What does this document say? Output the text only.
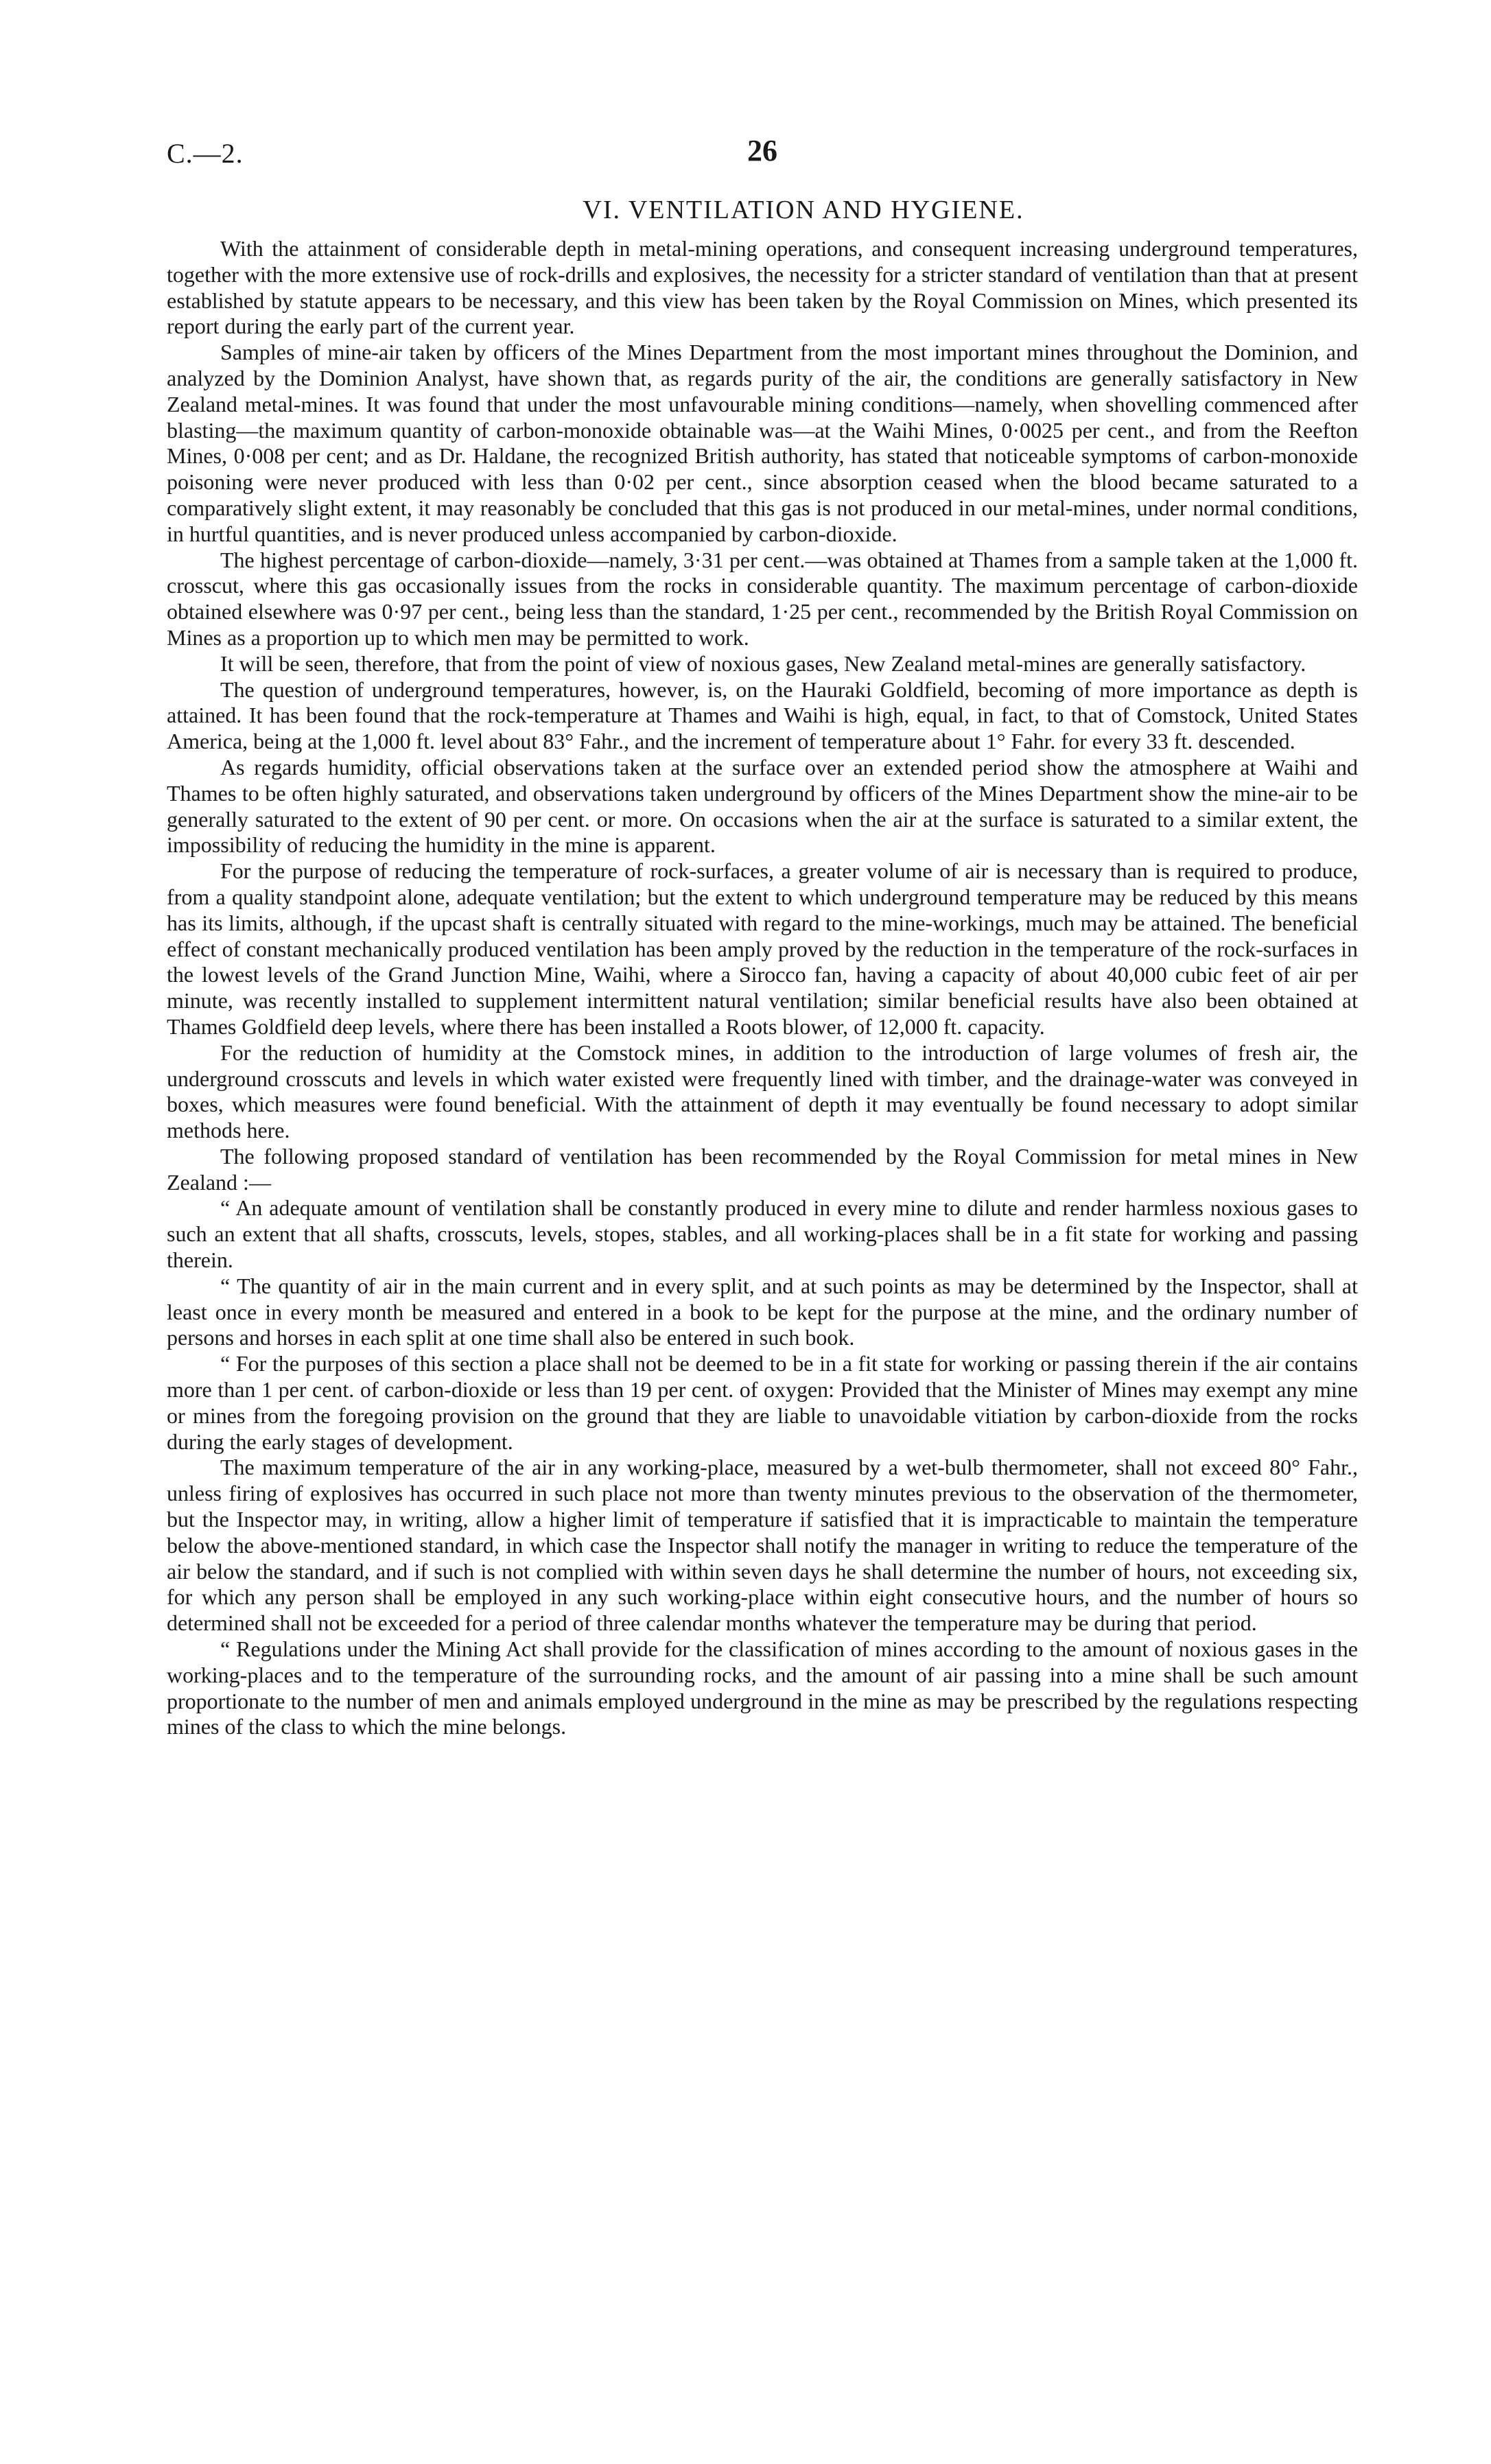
C.—2.	26
VI. VENTILATION AND HYGIENE.

With the attainment of considerable depth in metal-mining operations, and consequent increasing underground temperatures, together with the more extensive use of rock-drills and explosives, the necessity for a stricter standard of ventilation than that at present established by statute appears to be necessary, and this view has been taken by the Royal Commission on Mines, which presented its report during the early part of the current year.

Samples of mine-air taken by officers of the Mines Department from the most important mines throughout the Dominion, and analyzed by the Dominion Analyst, have shown that, as regards purity of the air, the conditions are generally satisfactory in New Zealand metal-mines. It was found that under the most unfavourable mining conditions—namely, when shovelling commenced after blasting—the maximum quantity of carbon-monoxide obtainable was—at the Waihi Mines, 0·0025 per cent., and from the Reefton Mines, 0·008 per cent; and as Dr. Haldane, the recognized British authority, has stated that noticeable symptoms of carbon-monoxide poisoning were never produced with less than 0·02 per cent., since absorption ceased when the blood became saturated to a comparatively slight extent, it may reasonably be concluded that this gas is not produced in our metal-mines, under normal conditions, in hurtful quantities, and is never produced unless accompanied by carbon-dioxide.

The highest percentage of carbon-dioxide—namely, 3·31 per cent.—was obtained at Thames from a sample taken at the 1,000 ft. crosscut, where this gas occasionally issues from the rocks in considerable quantity. The maximum percentage of carbon-dioxide obtained elsewhere was 0·97 per cent., being less than the standard, 1·25 per cent., recommended by the British Royal Commission on Mines as a proportion up to which men may be permitted to work.

It will be seen, therefore, that from the point of view of noxious gases, New Zealand metal-mines are generally satisfactory.

The question of underground temperatures, however, is, on the Hauraki Goldfield, becoming of more importance as depth is attained. It has been found that the rock-temperature at Thames and Waihi is high, equal, in fact, to that of Comstock, United States America, being at the 1,000 ft. level about 83° Fahr., and the increment of temperature about 1° Fahr. for every 33 ft. descended.

As regards humidity, official observations taken at the surface over an extended period show the atmosphere at Waihi and Thames to be often highly saturated, and observations taken underground by officers of the Mines Department show the mine-air to be generally saturated to the extent of 90 per cent. or more. On occasions when the air at the surface is saturated to a similar extent, the impossibility of reducing the humidity in the mine is apparent.

For the purpose of reducing the temperature of rock-surfaces, a greater volume of air is necessary than is required to produce, from a quality standpoint alone, adequate ventilation; but the extent to which underground temperature may be reduced by this means has its limits, although, if the upcast shaft is centrally situated with regard to the mine-workings, much may be attained. The beneficial effect of constant mechanically produced ventilation has been amply proved by the reduction in the temperature of the rock-surfaces in the lowest levels of the Grand Junction Mine, Waihi, where a Sirocco fan, having a capacity of about 40,000 cubic feet of air per minute, was recently installed to supplement intermittent natural ventilation; similar beneficial results have also been obtained at Thames Goldfield deep levels, where there has been installed a Roots blower, of 12,000 ft. capacity.

For the reduction of humidity at the Comstock mines, in addition to the introduction of large volumes of fresh air, the underground crosscuts and levels in which water existed were frequently lined with timber, and the drainage-water was conveyed in boxes, which measures were found beneficial. With the attainment of depth it may eventually be found necessary to adopt similar methods here.

The following proposed standard of ventilation has been recommended by the Royal Commission for metal mines in New Zealand :—

“ An adequate amount of ventilation shall be constantly produced in every mine to dilute and render harmless noxious gases to such an extent that all shafts, crosscuts, levels, stopes, stables, and all working-places shall be in a fit state for working and passing therein.

“ The quantity of air in the main current and in every split, and at such points as may be determined by the Inspector, shall at least once in every month be measured and entered in a book to be kept for the purpose at the mine, and the ordinary number of persons and horses in each split at one time shall also be entered in such book.

“ For the purposes of this section a place shall not be deemed to be in a fit state for working or passing therein if the air contains more than 1 per cent. of carbon-dioxide or less than 19 per cent. of oxygen: Provided that the Minister of Mines may exempt any mine or mines from the foregoing provision on the ground that they are liable to unavoidable vitiation by carbon-dioxide from the rocks during the early stages of development.

The maximum temperature of the air in any working-place, measured by a wet-bulb thermometer, shall not exceed 80° Fahr., unless firing of explosives has occurred in such place not more than twenty minutes previous to the observation of the thermometer, but the Inspector may, in writing, allow a higher limit of temperature if satisfied that it is impracticable to maintain the temperature below the above-mentioned standard, in which case the Inspector shall notify the manager in writing to reduce the temperature of the air below the standard, and if such is not complied with within seven days he shall determine the number of hours, not exceeding six, for which any person shall be employed in any such working-place within eight consecutive hours, and the number of hours so determined shall not be exceeded for a period of three calendar months whatever the temperature may be during that period.

“ Regulations under the Mining Act shall provide for the classification of mines according to the amount of noxious gases in the working-places and to the temperature of the surrounding rocks, and the amount of air passing into a mine shall be such amount proportionate to the number of men and animals employed underground in the mine as may be prescribed by the regulations respecting mines of the class to which the mine belongs.
